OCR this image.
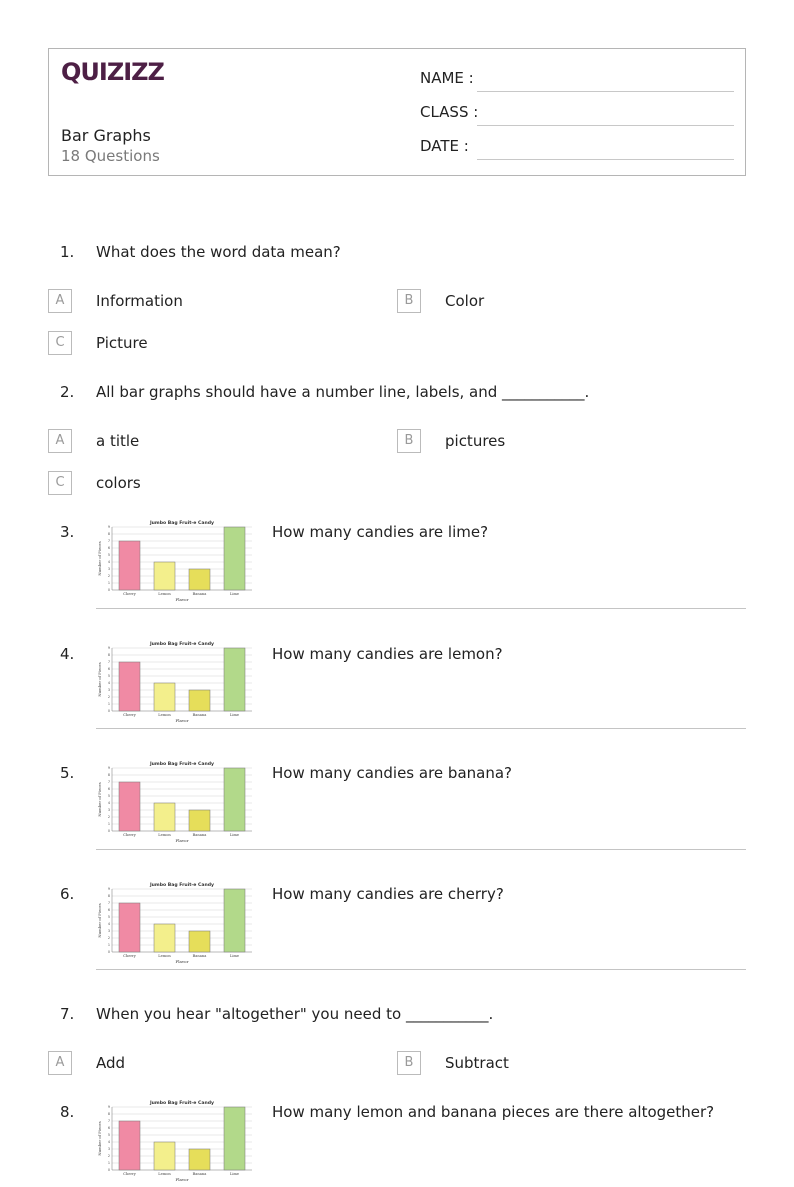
QUIZIZZ
Bar Graphs
18 Questions
NAME :
CLASS :
DATE :
1. What does the word data mean?
A	Information	B	Color
C	Picture
2. All bar graphs should have a number line, labels, and ___________.
A	a title	B	pictures
C	colors
3.	Jumbo Bag Fruit-e Candy
0
1
2
3
4
5
6
7
8
9
Cherry	Lemon	Banana	Lime
Flavor
Number of Pieces
How many candies are lime?
4.
Jumbo Bag Fruit-e Candy
0
1
2
3
4
5
6
7
8
9
Cherry	Lemon	Banana	Lime
Flavor
Number of Pieces
How many candies are lemon?
5.	Jumbo Bag Fruit-e Candy
0
1
2
3
4
5
6
7
8
9
Cherry	Lemon	Banana	Lime
Flavor
Number of Pieces
How many candies are banana?
6.	Jumbo Bag Fruit-e Candy
0
1
2
3
4
5
6
7
8
9
Cherry	Lemon	Banana	Lime
Flavor
Number of Pieces
How many candies are cherry?
7. When you hear "altogether" you need to ___________.
A	Add	B	Subtract
8.	Jumbo Bag Fruit-e Candy
0
1
2
3
4
5
6
7
8
9
Cherry	Lemon	Banana	Lime
Flavor
Number of Pieces
How many lemon and banana pieces are there altogether?
